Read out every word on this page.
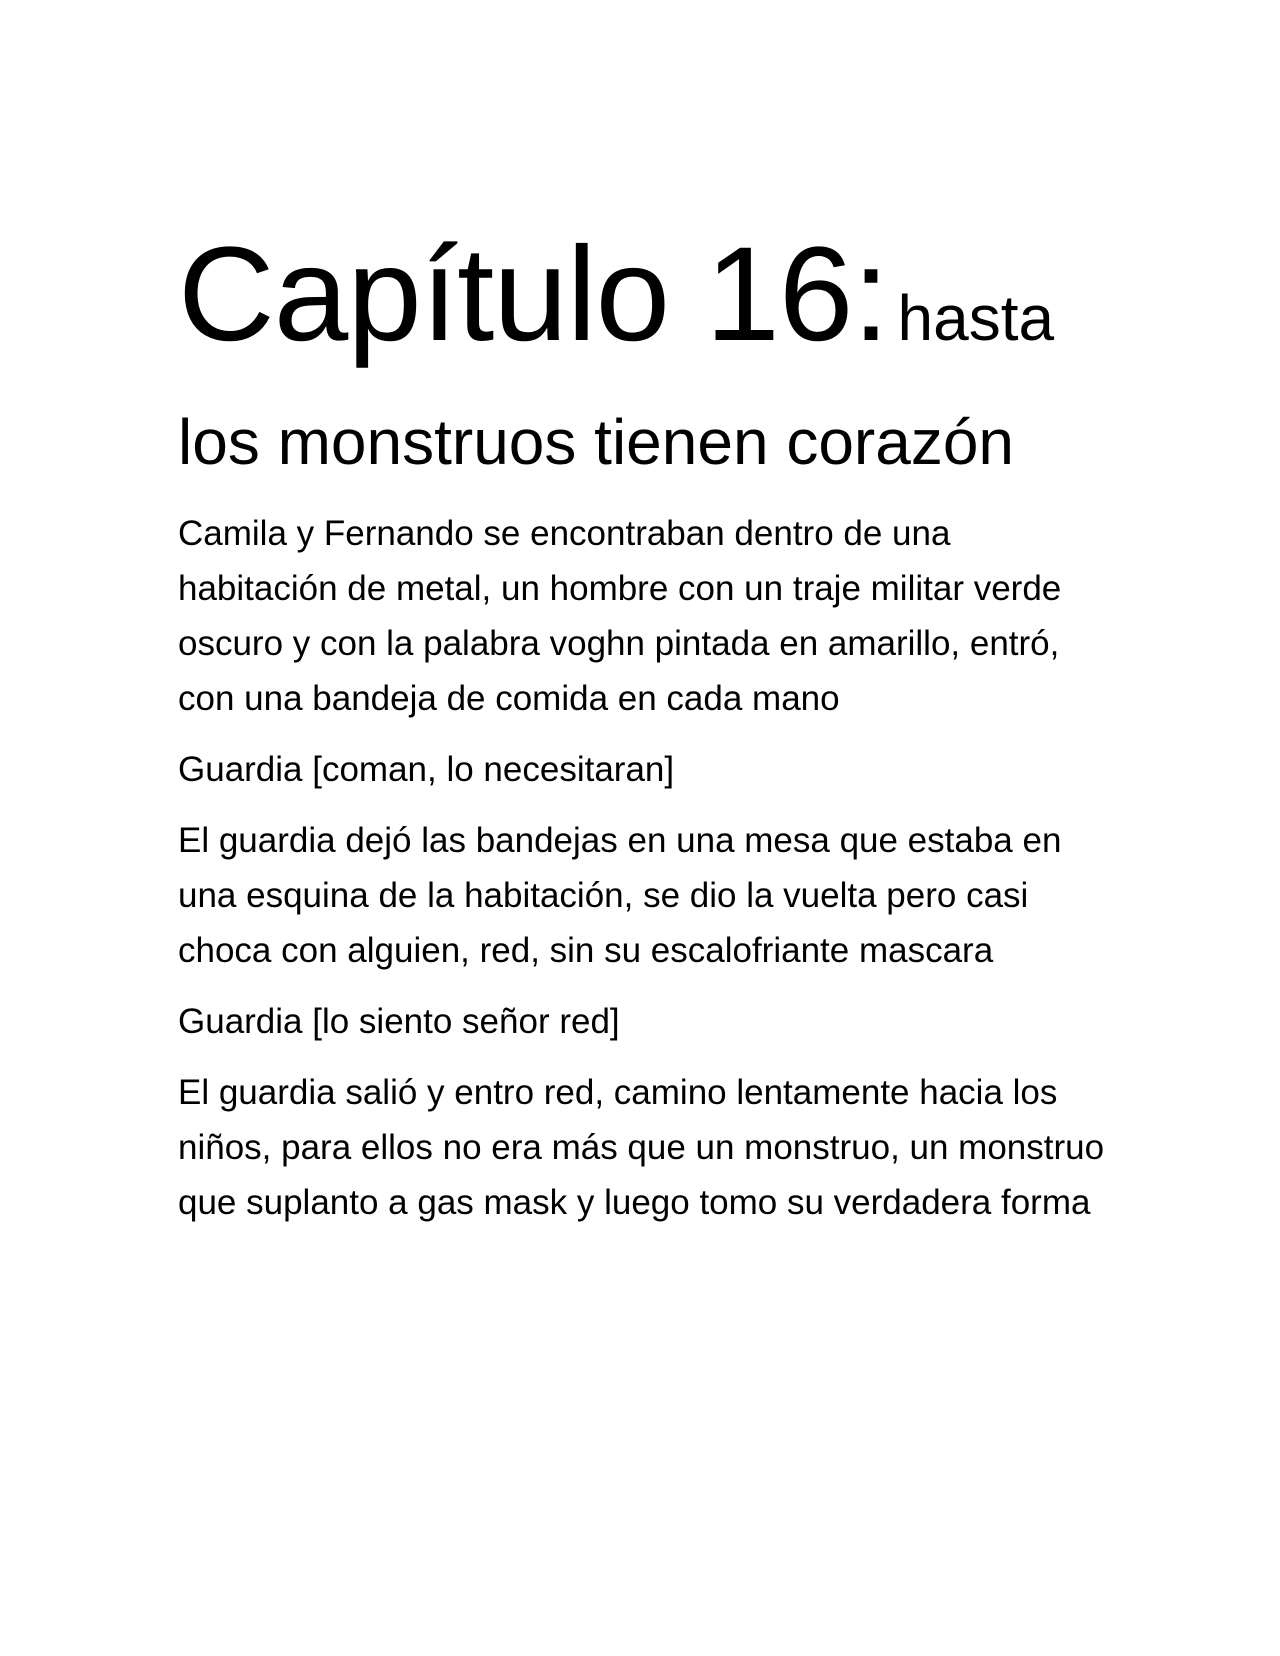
Capítulo 16: hasta
los monstruos tienen corazón

Camila y Fernando se encontraban dentro de una habitación de metal, un hombre con un traje militar verde oscuro y con la palabra voghn pintada en amarillo, entró, con una bandeja de comida en cada mano

Guardia [coman, lo necesitaran]

El guardia dejó las bandejas en una mesa que estaba en una esquina de la habitación, se dio la vuelta pero casi choca con alguien, red, sin su escalofriante mascara

Guardia [lo siento señor red]

El guardia salió y entro red, camino lentamente hacia los niños, para ellos no era más que un monstruo, un monstruo que suplanto a gas mask y luego tomo su verdadera forma
